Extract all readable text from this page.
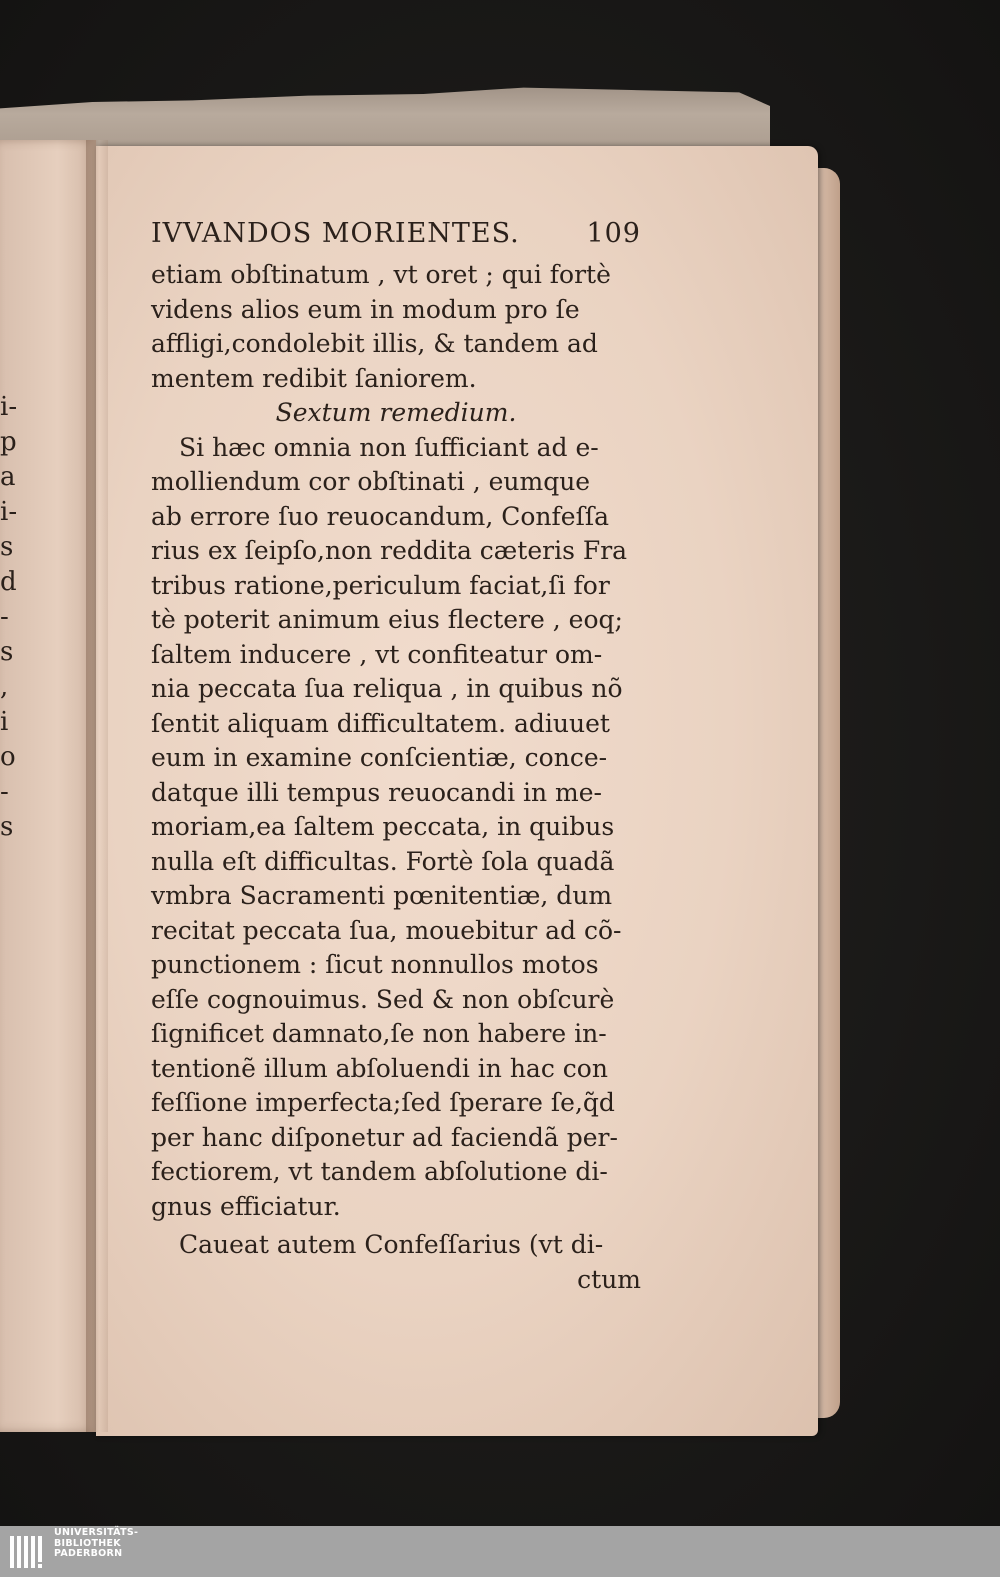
i-
p
a
i-
s
d
-
s
,
i
o
-
s
IVVANDOS MORIENTES. 109
etiam obſtinatum , vt oret ; qui fortè
videns alios eum in modum pro ſe
affligi,condolebit illis, & tandem ad
mentem redibit ſaniorem.
Sextum remedium.
Si hæc omnia non ſufficiant ad e-
molliendum cor obſtinati , eumque
ab errore ſuo reuocandum, Confeſſa
rius ex ſeipſo,non reddita cæteris Fra
tribus ratione,periculum faciat,ſi for
tè poterit animum eius flectere , eoq;
ſaltem inducere , vt confiteatur om-
nia peccata ſua reliqua , in quibus nõ
ſentit aliquam difficultatem. adiuuet
eum in examine conſcientiæ, conce-
datque illi tempus reuocandi in me-
moriam,ea ſaltem peccata, in quibus
nulla eſt difficultas. Fortè ſola quadã
vmbra Sacramenti pœnitentiæ, dum
recitat peccata ſua, mouebitur ad cõ-
punctionem : ſicut nonnullos motos
eſſe cognouimus. Sed & non obſcurè
ſignificet damnato,ſe non habere in-
tentionẽ illum abſoluendi in hac con
feſſione imperfecta;ſed ſperare ſe,q̃d
per hanc diſponetur ad faciendã per-
fectiorem, vt tandem abſolutione di-
gnus efficiatur.
Caueat autem Confeſſarius (vt di-
ctum
UNIVERSITÄTS-
BIBLIOTHEK
PADERBORN
